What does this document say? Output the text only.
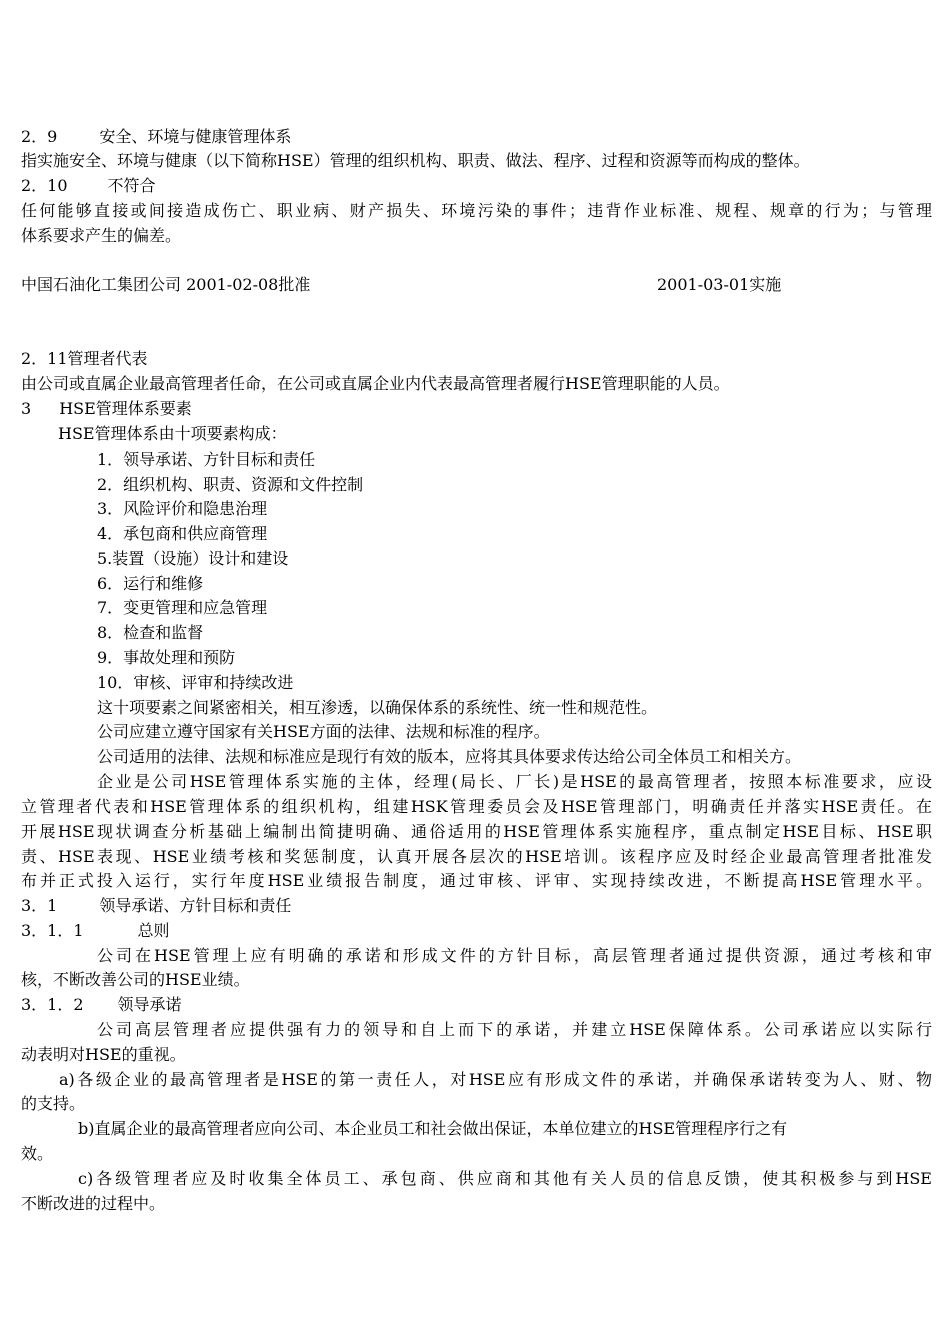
2．9	安全、环境与健康管理体系
指实施安全、环境与健康（以下简称HSE）管理的组织机构、职责、做法、程序、过程和资源等而构成的整体。
2．10	不符合
任何能够直接或间接造成伤亡、职业病、财产损失、环境污染的事件；违背作业标准、规程、规章的行为；与管理
体系要求产生的偏差。
中国石油化工集团公司 2001-02-08批准	2001-03-01实施
2．11管理者代表
由公司或直属企业最高管理者任命，在公司或直属企业内代表最高管理者履行HSE管理职能的人员。
3 HSE管理体系要素
HSE管理体系由十项要素构成：
1．领导承诺、方针目标和责任
2．组织机构、职责、资源和文件控制
3．风险评价和隐患治理
4．承包商和供应商管理
5.装置（设施）设计和建设
6．运行和维修
7．变更管理和应急管理
8．检查和监督
9．事故处理和预防
10．审核、评审和持续改进
这十项要素之间紧密相关，相互渗透，以确保体系的系统性、统一性和规范性。
公司应建立遵守国家有关HSE方面的法律、法规和标准的程序。
公司适用的法律、法规和标准应是现行有效的版本，应将其具体要求传达给公司全体员工和相关方。
企业是公司HSE管理体系实施的主体，经理(局长、厂长)是HSE的最高管理者，按照本标准要求，应设
立管理者代表和HSE管理体系的组织机构，组建HSK管理委员会及HSE管理部门，明确责任并落实HSE责任。在
开展HSE现状调查分析基础上编制出简捷明确、通俗适用的HSE管理体系实施程序，重点制定HSE目标、HSE职
责、HSE表现、HSE业绩考核和奖惩制度，认真开展各层次的HSE培训。该程序应及时经企业最高管理者批准发
布并正式投入运行，实行年度HSE业绩报告制度，通过审核、评审、实现持续改进，不断提高HSE管理水平。
3．1	领导承诺、方针目标和责任
3．1．1	总则
公司在HSE管理上应有明确的承诺和形成文件的方针目标，高层管理者通过提供资源，通过考核和审
核，不断改善公司的HSE业绩。
3．1．2 领导承诺
公司高层管理者应提供强有力的领导和自上而下的承诺，并建立HSE保障体系。公司承诺应以实际行
动表明对HSE的重视。
a)各级企业的最高管理者是HSE的第一责任人，对HSE应有形成文件的承诺，并确保承诺转变为人、财、物
的支持。
b)直属企业的最高管理者应向公司、本企业员工和社会做出保证，本单位建立的HSE管理程序行之有
效。
c)各级管理者应及时收集全体员工、承包商、供应商和其他有关人员的信息反馈，使其积极参与到HSE
不断改进的过程中。
